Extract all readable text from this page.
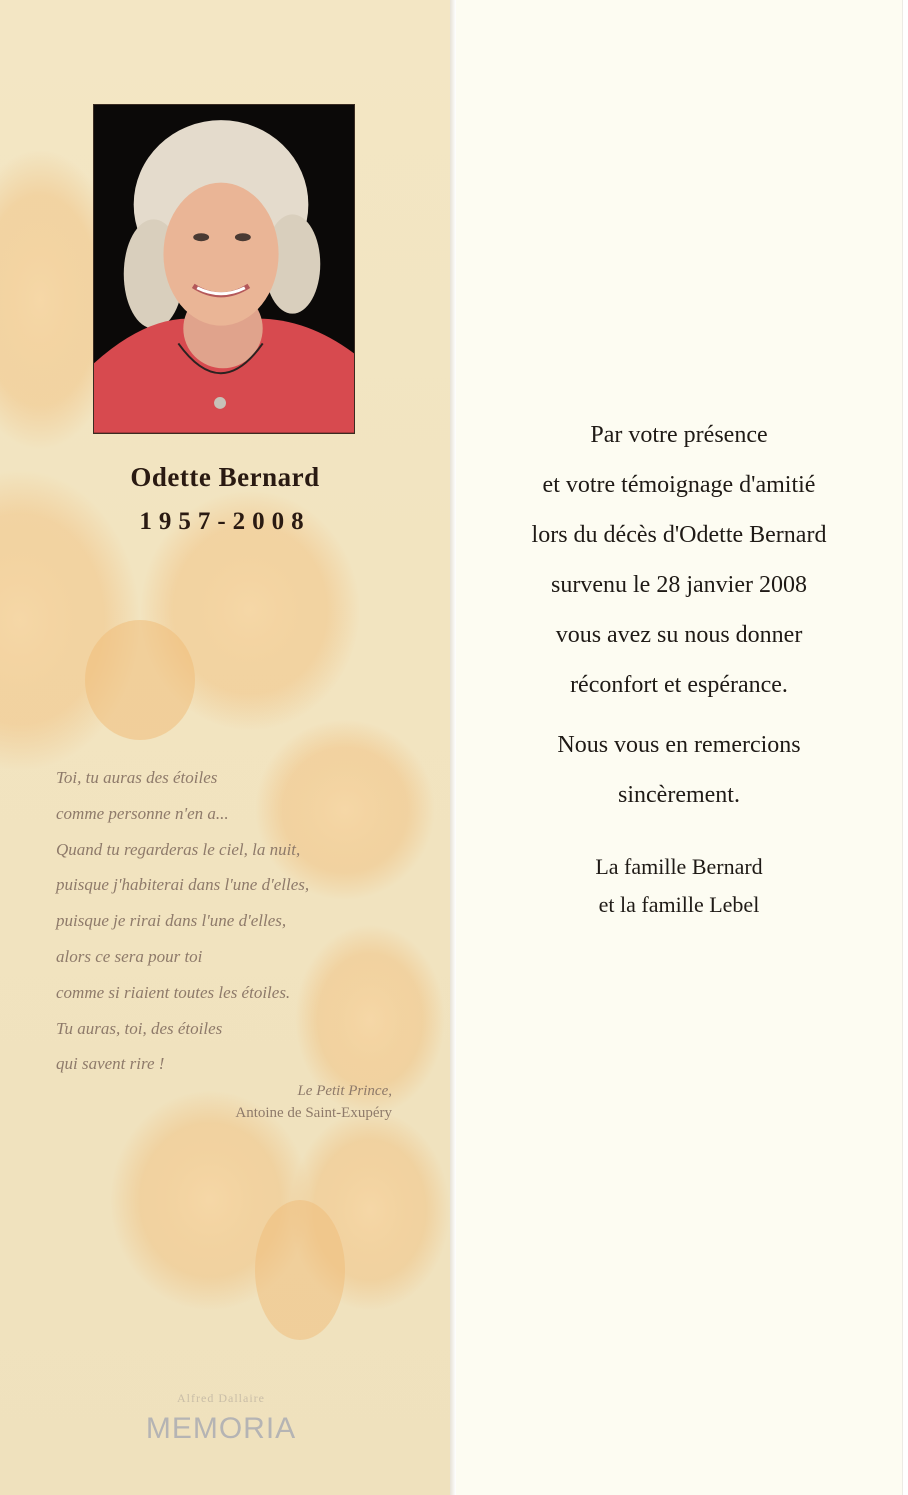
Odette Bernard
1957-2008
Toi, tu auras des étoiles
comme personne n'en a...
Quand tu regarderas le ciel, la nuit,
puisque j'habiterai dans l'une d'elles,
puisque je rirai dans l'une d'elles,
alors ce sera pour toi
comme si riaient toutes les étoiles.
Tu auras, toi, des étoiles
qui savent rire !
Le Petit Prince,
Antoine de Saint-Exupéry
Alfred Dallaire
MEMORIA
Par votre présence
et votre témoignage d'amitié
lors du décès d'Odette Bernard
survenu le 28 janvier 2008
vous avez su nous donner
réconfort et espérance.
Nous vous en remercions
sincèrement.
La famille Bernard
et la famille Lebel
